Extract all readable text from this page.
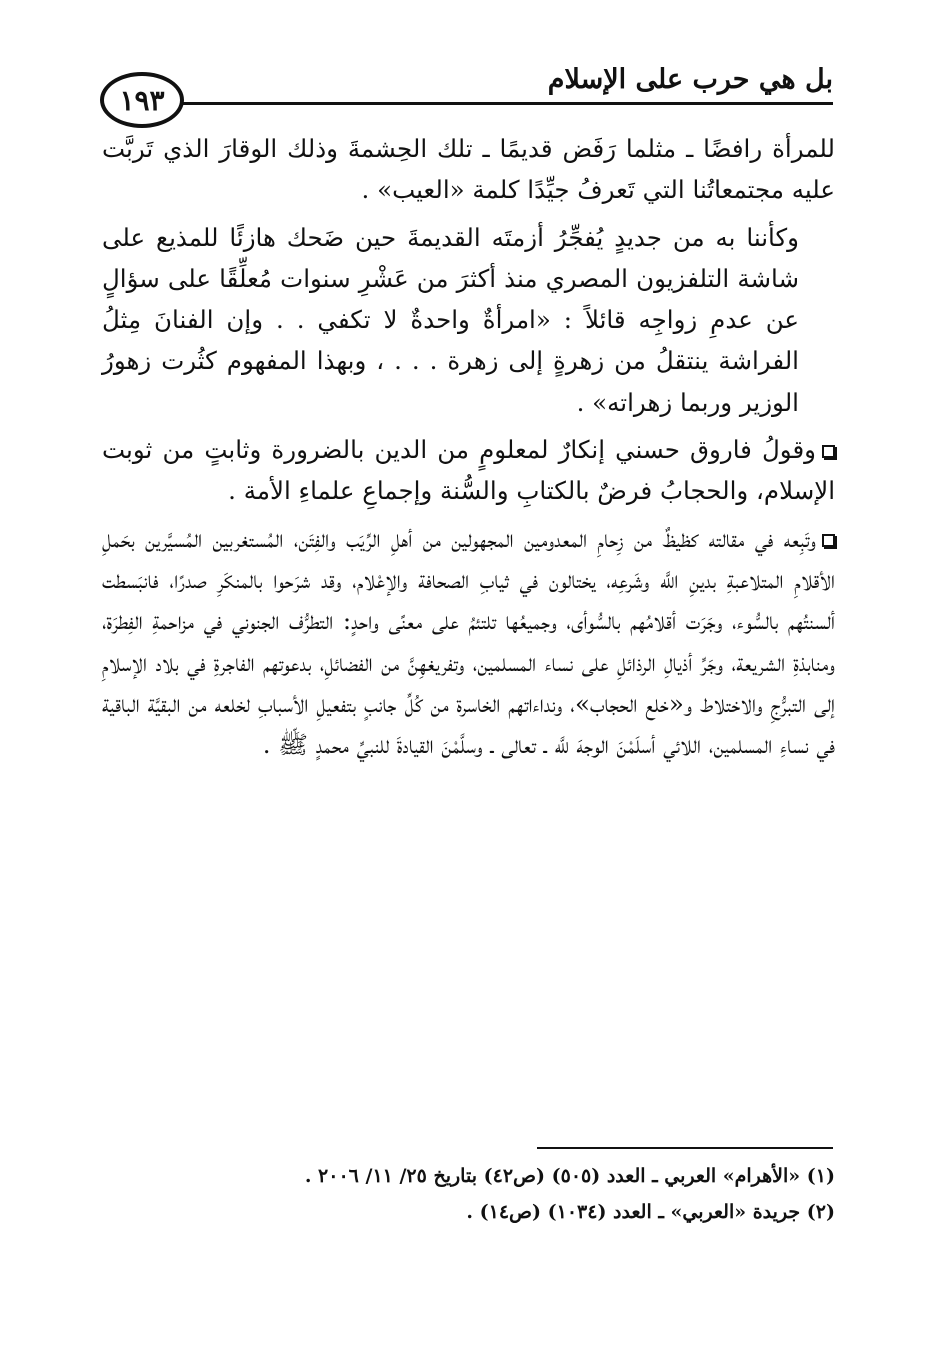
١٩٣
بل هي حرب على الإسلام

للمرأة رافضًا ـ مثلما رَفَض قديمًا ـ تلك الحِشمةَ وذلك الوقارَ الذي تَربَّت عليه مجتمعاتُنا التي تَعرفُ جيِّدًا كلمة «العيب» .

وكأننا به من جديدٍ يُفجِّرُ أزمتَه القديمةَ حين ضَحك هازئًا للمذيع على شاشة التلفزيون المصري منذ أكثرَ من عَشْرِ سنوات مُعلِّقًا على سؤالٍ عن عدمِ زواجِه قائلاً : «امرأةٌ واحدةٌ لا تكفي . . وإن الفنانَ مِثلُ الفراشة ينتقلُ من زهرةٍ إلى زهرة . . . ، وبهذا المفهوم كثُرت زهورُ الوزير وربما زهراته» .

وقولُ فاروق حسني إنكارٌ لمعلومٍ من الدين بالضرورة وثابتٍ من ثوبت الإسلام، والحجابُ فرضٌ بالكتابِ والسُّنة وإجماعِ علماءِ الأمة .

وتَبِعه في مقالته كظيظٌ من زِحامِ المعدومين المجهولين من أهلِ الرِّيَب والفِتَن، المُستغربين المُسيَّرين بحَملِ الأقلامِ المتلاعبةِ بدينِ اللَّه وشَرعِه، يختالون في ثيابِ الصحافة والإعْلام، وقد شرَحوا بالمنكَرِ صدرًا، فانبَسطت ألسنتُهم بالسُّوء، وجَرَت أقلامُهم بالسُّوأى، وجميعُها تلتئمُ على معنًى واحدٍ: التطرُّف الجنوني في مزاحمةِ الفِطرَة، ومنابذةِ الشريعة، وجَرِّ أذيالِ الرذائلِ على نساء المسلمين، وتفريغهِنَّ من الفضائلِ، بدعوتهم الفاجرةِ في بلاد الإسلامِ إلى التبرُّجِ والاختلاط و«خلع الحجاب»، ونداءاتهم الخاسرة من كُلِّ جانبٍ بتفعيلِ الأسبابِ لخلعه من البقيَّة الباقية في نساءِ المسلمين، اللائي أسلَمْنَ الوجهَ للَّه ـ تعالى ـ وسلَّمْنَ القيادةَ للنبيِّ محمدٍ ﷺ .

(١) «الأهرام» العربي ـ العدد (٥٠٥) (ص٤٢) بتاريخ ٢٥/ ١١/ ٢٠٠٦ .

(٢) جريدة «العربي» ـ العدد (١٠٣٤) (ص١٤) .
